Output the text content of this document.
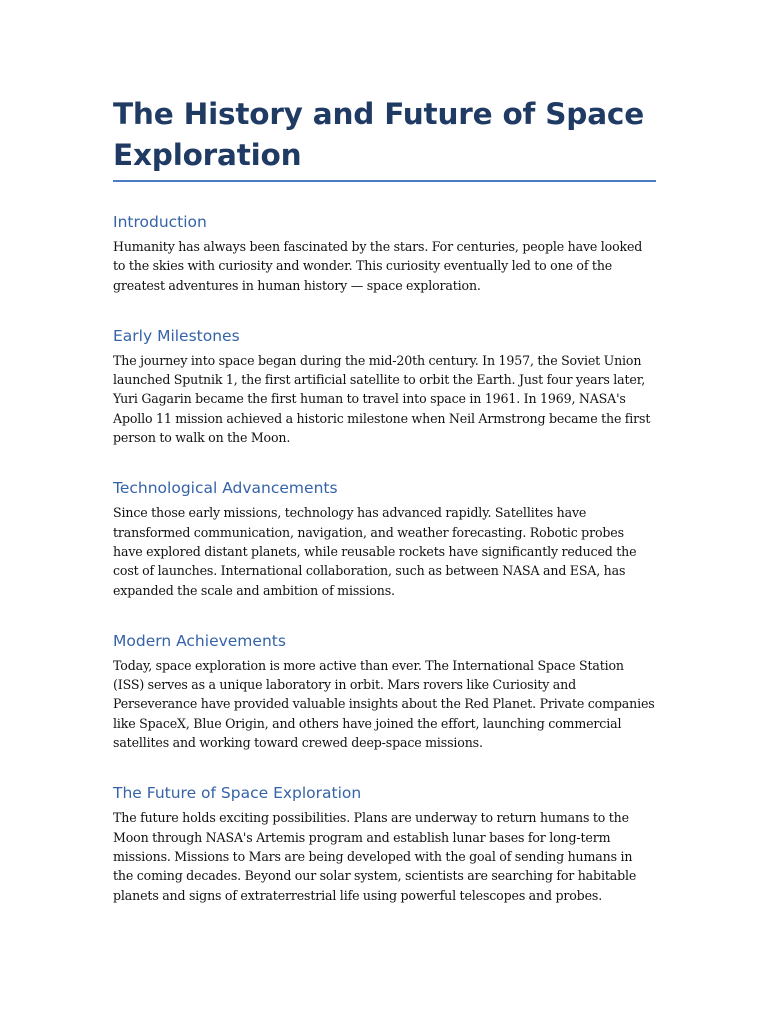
The History and Future of Space Exploration
Introduction

Humanity has always been fascinated by the stars. For centuries, people have looked to the skies with curiosity and wonder. This curiosity eventually led to one of the greatest adventures in human history — space exploration.

Early Milestones

The journey into space began during the mid-20th century. In 1957, the Soviet Union launched Sputnik 1, the first artificial satellite to orbit the Earth. Just four years later, Yuri Gagarin became the first human to travel into space in 1961. In 1969, NASA's Apollo 11 mission achieved a historic milestone when Neil Armstrong became the first person to walk on the Moon.

Technological Advancements

Since those early missions, technology has advanced rapidly. Satellites have transformed communication, navigation, and weather forecasting. Robotic probes have explored distant planets, while reusable rockets have significantly reduced the cost of launches. International collaboration, such as between NASA and ESA, has expanded the scale and ambition of missions.

Modern Achievements

Today, space exploration is more active than ever. The International Space Station (ISS) serves as a unique laboratory in orbit. Mars rovers like Curiosity and Perseverance have provided valuable insights about the Red Planet. Private companies like SpaceX, Blue Origin, and others have joined the effort, launching commercial satellites and working toward crewed deep-space missions.

The Future of Space Exploration

The future holds exciting possibilities. Plans are underway to return humans to the Moon through NASA's Artemis program and establish lunar bases for long-term missions. Missions to Mars are being developed with the goal of sending humans in the coming decades. Beyond our solar system, scientists are searching for habitable planets and signs of extraterrestrial life using powerful telescopes and probes.
